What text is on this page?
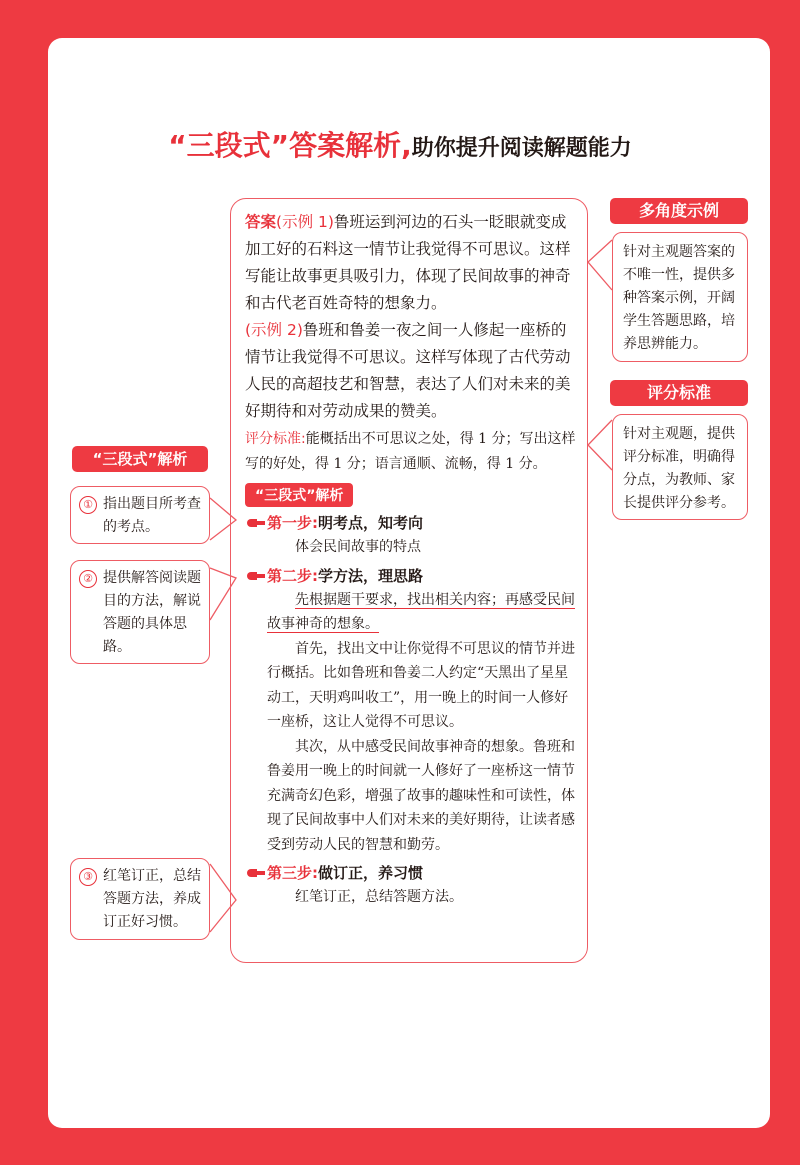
“三段式”答案解析,助你提升阅读解题能力
答案(示例 1)鲁班运到河边的石头一眨眼就变成加工好的石料这一情节让我觉得不可思议。这样写能让故事更具吸引力，体现了民间故事的神奇和古代老百姓奇特的想象力。
(示例 2)鲁班和鲁姜一夜之间一人修起一座桥的情节让我觉得不可思议。这样写体现了古代劳动人民的高超技艺和智慧，表达了人们对未来的美好期待和对劳动成果的赞美。
评分标准:能概括出不可思议之处，得 1 分；写出这样写的好处，得 1 分；语言通顺、流畅，得 1 分。
“三段式”解析
第一步:明考点，知考向
体会民间故事的特点
第二步:学方法，理思路
先根据题干要求，找出相关内容；再感受民间故事神奇的想象。
首先，找出文中让你觉得不可思议的情节并进行概括。比如鲁班和鲁姜二人约定“天黑出了星星动工，天明鸡叫收工”，用一晚上的时间一人修好一座桥，这让人觉得不可思议。
其次，从中感受民间故事神奇的想象。鲁班和鲁姜用一晚上的时间就一人修好了一座桥这一情节充满奇幻色彩，增强了故事的趣味性和可读性，体现了民间故事中人们对未来的美好期待，让读者感受到劳动人民的智慧和勤劳。
第三步:做订正，养习惯
红笔订正，总结答题方法。
多角度示例
针对主观题答案的不唯一性，提供多种答案示例，开阔学生答题思路，培养思辨能力。
评分标准
针对主观题，提供评分标准，明确得分点，为教师、家长提供评分参考。
“三段式”解析
① 指出题目所考查的考点。
② 提供解答阅读题目的方法，解说答题的具体思路。
③ 红笔订正，总结答题方法，养成订正好习惯。
